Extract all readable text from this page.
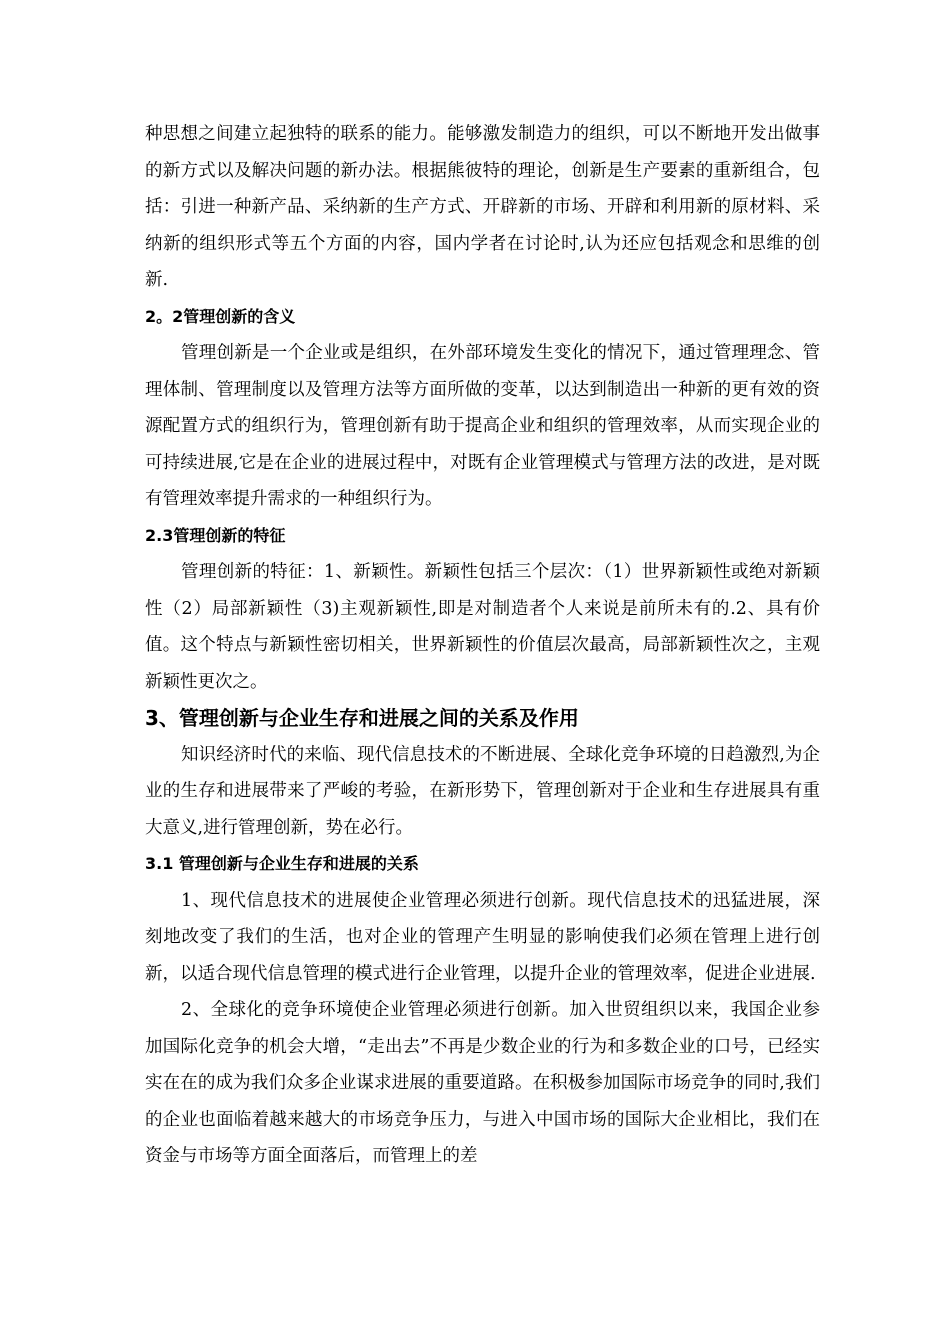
种思想之间建立起独特的联系的能力。能够激发制造力的组织，可以不断地开发出做事的新方式以及解决问题的新办法。根据熊彼特的理论，创新是生产要素的重新组合，包括：引进一种新产品、采纳新的生产方式、开辟新的市场、开辟和利用新的原材料、采纳新的组织形式等五个方面的内容，国内学者在讨论时,认为还应包括观念和思维的创新.

2。2管理创新的含义

管理创新是一个企业或是组织，在外部环境发生变化的情况下，通过管理理念、管理体制、管理制度以及管理方法等方面所做的变革，以达到制造出一种新的更有效的资源配置方式的组织行为，管理创新有助于提高企业和组织的管理效率，从而实现企业的可持续进展,它是在企业的进展过程中，对既有企业管理模式与管理方法的改进，是对既有管理效率提升需求的一种组织行为。

2.3管理创新的特征

管理创新的特征：1、新颖性。新颖性包括三个层次：（1）世界新颖性或绝对新颖性（2）局部新颖性（3)主观新颖性,即是对制造者个人来说是前所未有的.2、具有价值。这个特点与新颖性密切相关，世界新颖性的价值层次最高，局部新颖性次之，主观新颖性更次之。

3、管理创新与企业生存和进展之间的关系及作用

知识经济时代的来临、现代信息技术的不断进展、全球化竞争环境的日趋激烈,为企业的生存和进展带来了严峻的考验，在新形势下，管理创新对于企业和生存进展具有重大意义,进行管理创新，势在必行。

3.1 管理创新与企业生存和进展的关系

1、现代信息技术的进展使企业管理必须进行创新。现代信息技术的迅猛进展，深刻地改变了我们的生活，也对企业的管理产生明显的影响使我们必须在管理上进行创新，以适合现代信息管理的模式进行企业管理，以提升企业的管理效率，促进企业进展.

2、全球化的竞争环境使企业管理必须进行创新。加入世贸组织以来，我国企业参加国际化竞争的机会大增，“走出去”不再是少数企业的行为和多数企业的口号，已经实实在在的成为我们众多企业谋求进展的重要道路。在积极参加国际市场竞争的同时,我们的企业也面临着越来越大的市场竞争压力，与进入中国市场的国际大企业相比，我们在资金与市场等方面全面落后，而管理上的差
